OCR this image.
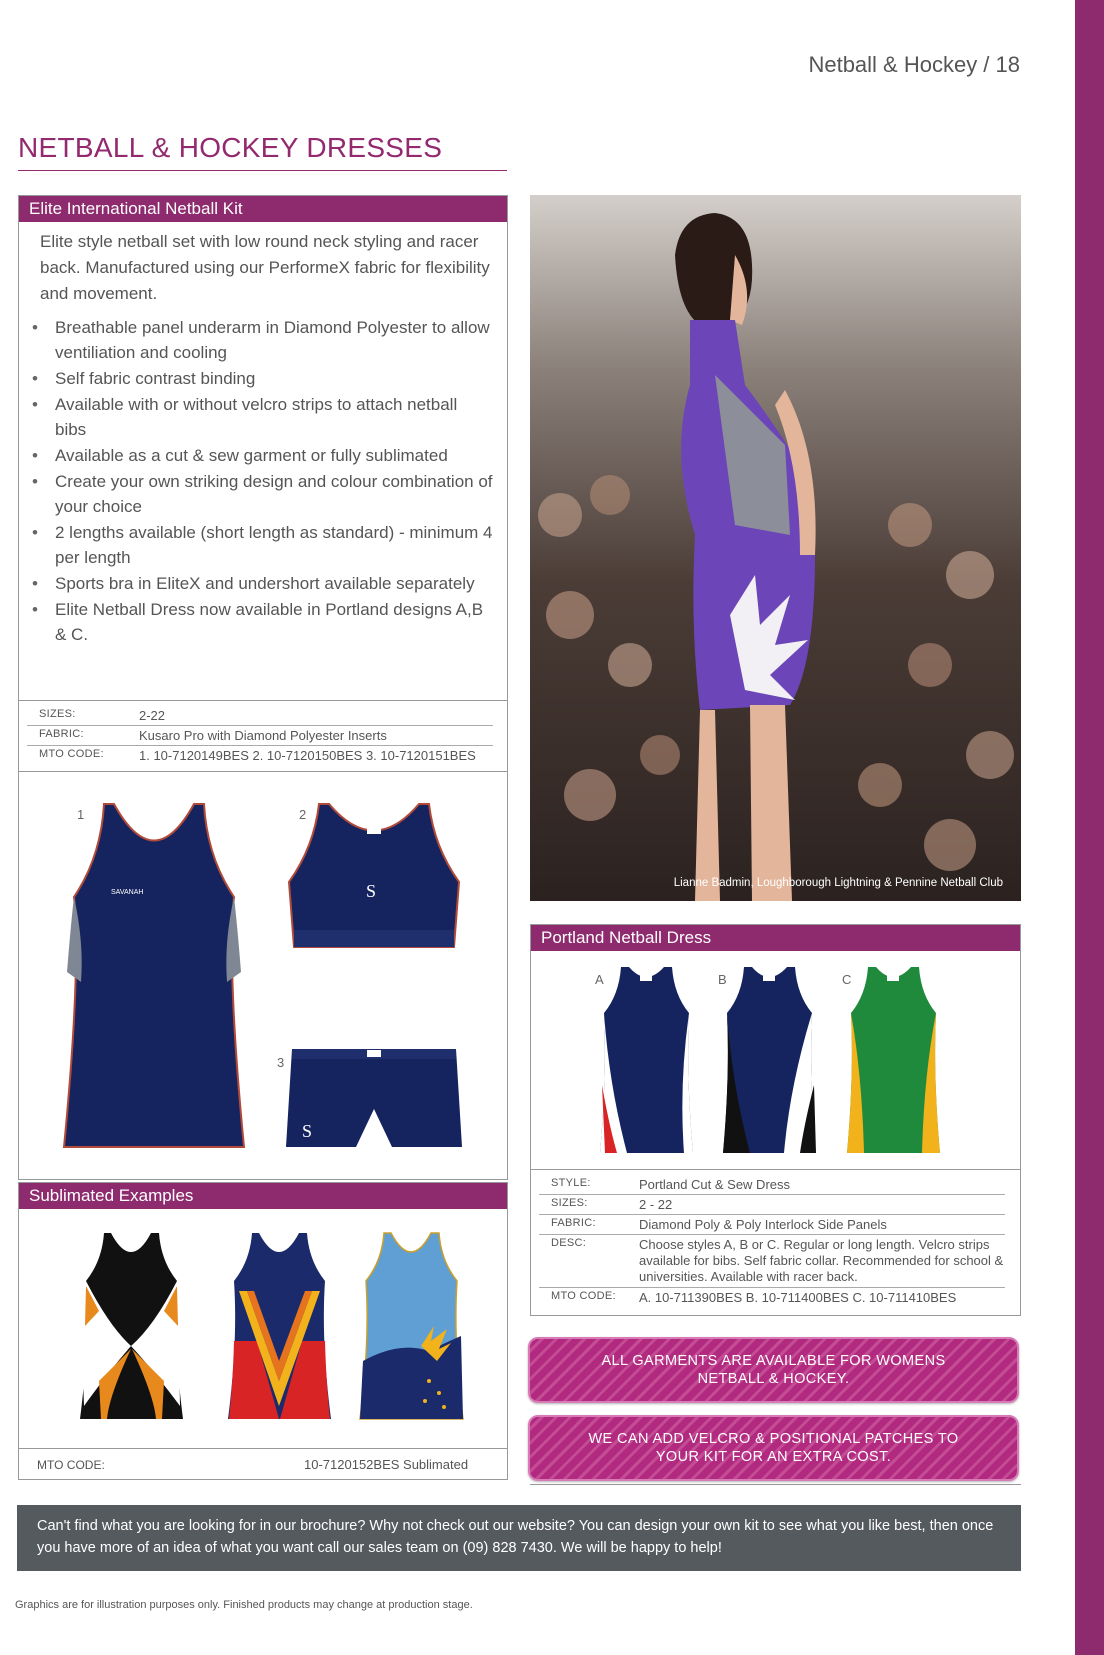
Netball & Hockey / 18
NETBALL & HOCKEY DRESSES
Elite International Netball Kit
Elite style netball set with low round neck styling and racer back. Manufactured using our PerformeX fabric for flexibility and movement.
• Breathable panel underarm in Diamond Polyester to allow ventiliation and cooling
• Self fabric contrast binding
• Available with or without velcro strips to attach netball bibs
• Available as a cut & sew garment or fully sublimated
• Create your own striking design and colour combination of your choice
• 2 lengths available (short length as standard) - minimum 4 per length
• Sports bra in EliteX and undershort available separately
• Elite Netball Dress now available in Portland designs A,B & C.
SIZES:	2-22
FABRIC:	Kusaro Pro with Diamond Polyester Inserts
MTO CODE:	1. 10-7120149BES 2. 10-7120150BES 3. 10-7120151BES
1	2
3
SAVANAH	S
S
Sublimated Examples
MTO CODE:	10-7120152BES Sublimated
Lianne Badmin, Loughborough Lightning & Pennine Netball Club
Portland Netball Dress
A	B	C
STYLE:	Portland Cut & Sew Dress
SIZES:	2 - 22
FABRIC:	Diamond Poly & Poly Interlock Side Panels
DESC:	Choose styles A, B or C. Regular or long length. Velcro strips available for bibs. Self fabric collar. Recommended for school & universities. Available with racer back.
MTO CODE:	A. 10-711390BES B. 10-711400BES C. 10-711410BES
ALL GARMENTS ARE AVAILABLE FOR WOMENS NETBALL & HOCKEY.
WE CAN ADD VELCRO & POSITIONAL PATCHES TO YOUR KIT FOR AN EXTRA COST.
Can't find what you are looking for in our brochure? Why not check out our website? You can design your own kit to see what you like best, then once you have more of an idea of what you want call our sales team on (09) 828 7430. We will be happy to help!
Graphics are for illustration purposes only. Finished products may change at production stage.
